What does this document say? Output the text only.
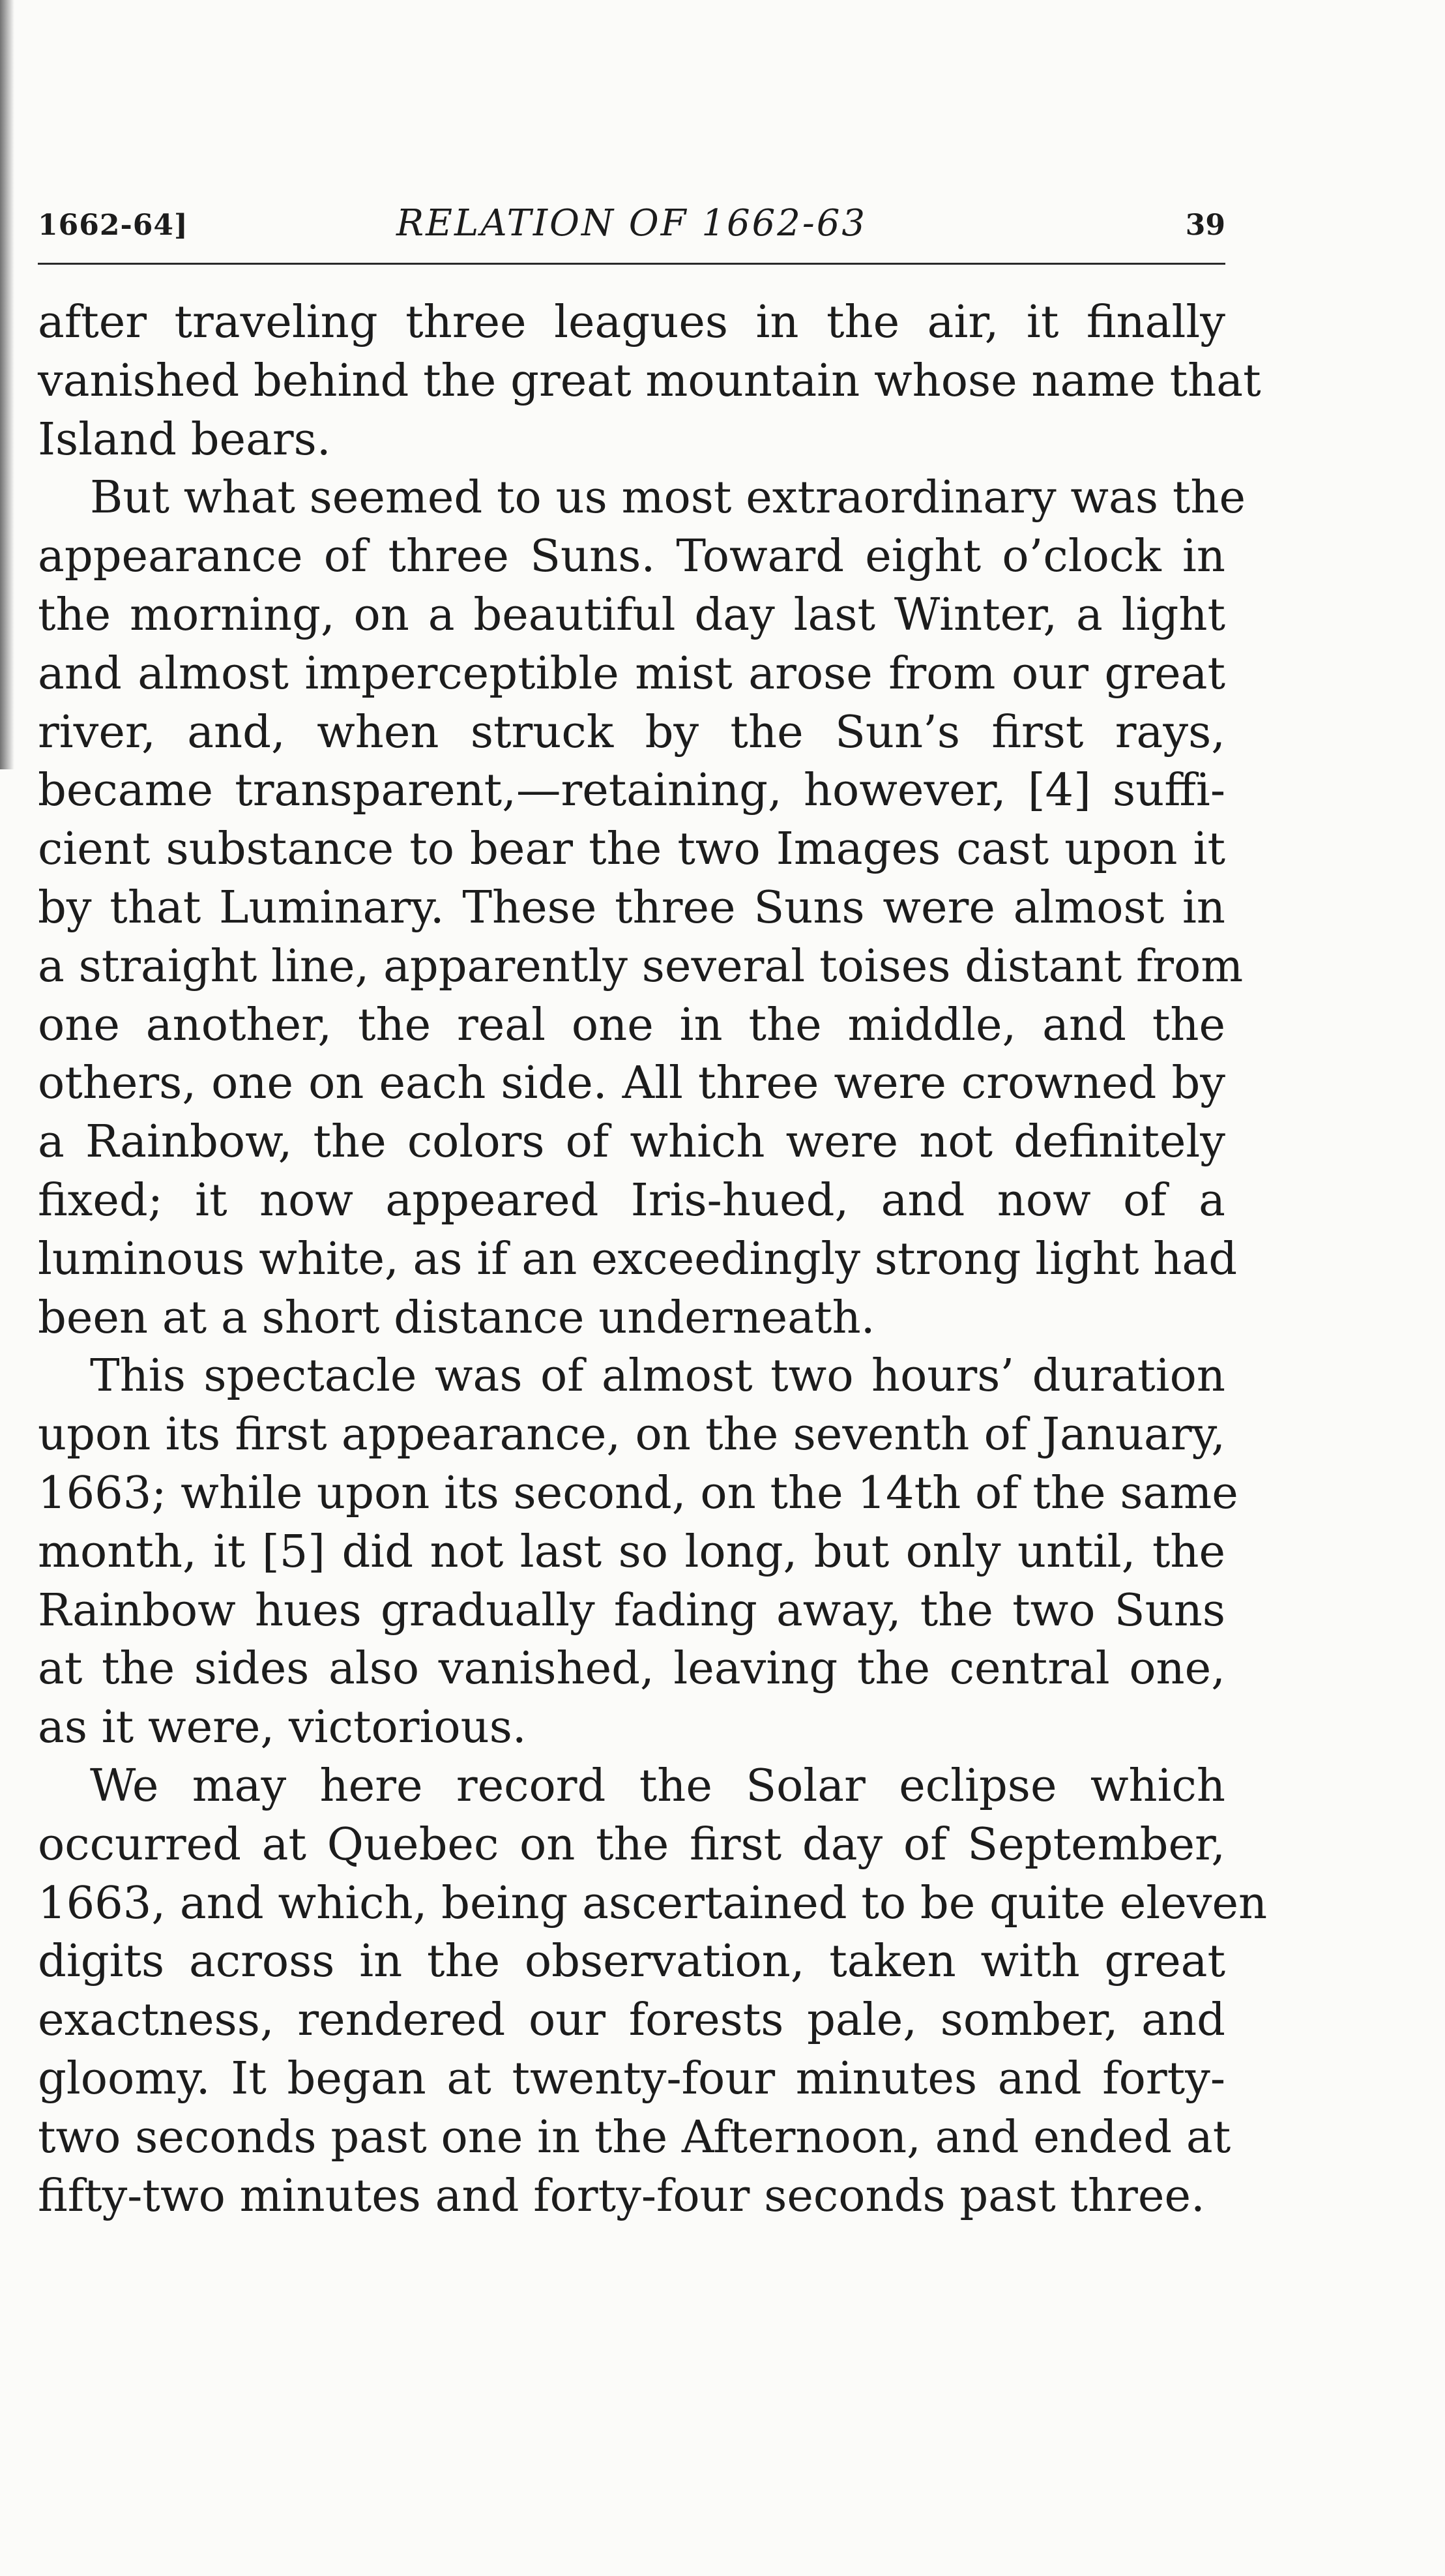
1662-64]	RELATION OF 1662-63	39

after traveling three leagues in the air, it finally
vanished behind the great mountain whose name that
Island bears.

But what seemed to us most extraordinary was the
appearance of three Suns. Toward eight o’clock in
the morning, on a beautiful day last Winter, a light
and almost imperceptible mist arose from our great
river, and, when struck by the Sun’s first rays,
became transparent,—retaining, however, [4] suffi-
cient substance to bear the two Images cast upon it
by that Luminary. These three Suns were almost in
a straight line, apparently several toises distant from
one another, the real one in the middle, and the
others, one on each side. All three were crowned by
a Rainbow, the colors of which were not definitely
fixed; it now appeared Iris-hued, and now of a
luminous white, as if an exceedingly strong light had
been at a short distance underneath.

This spectacle was of almost two hours’ duration
upon its first appearance, on the seventh of January,
1663; while upon its second, on the 14th of the same
month, it [5] did not last so long, but only until, the
Rainbow hues gradually fading away, the two Suns
at the sides also vanished, leaving the central one,
as it were, victorious.

We may here record the Solar eclipse which
occurred at Quebec on the first day of September,
1663, and which, being ascertained to be quite eleven
digits across in the observation, taken with great
exactness, rendered our forests pale, somber, and
gloomy. It began at twenty-four minutes and forty-
two seconds past one in the Afternoon, and ended at
fifty-two minutes and forty-four seconds past three.
